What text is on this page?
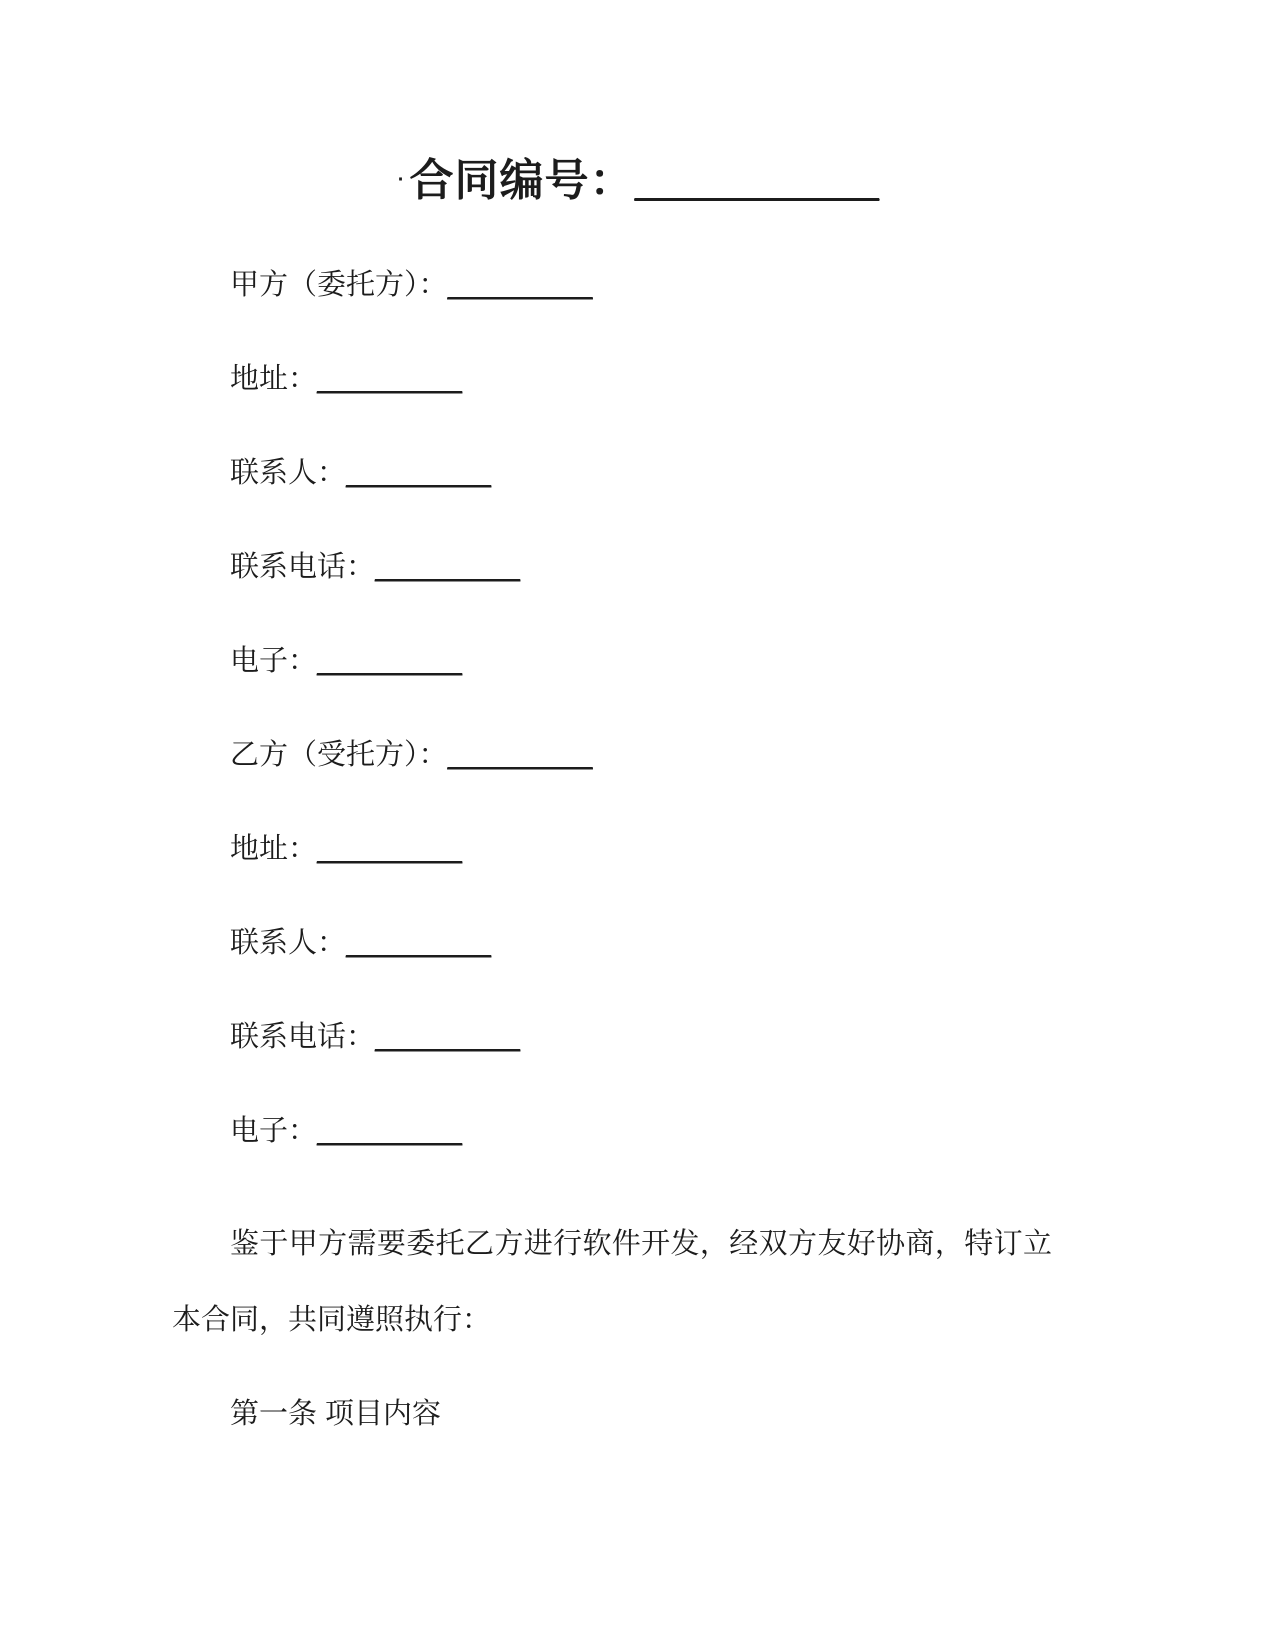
·合同编号：__________

甲方（委托方）：_________

地址：_________

联系人：_________

联系电话：_________

电子：_________

乙方（受托方）：_________

地址：_________

联系人：_________

联系电话：_________

电子：_________

鉴于甲方需要委托乙方进行软件开发，经双方友好协商，特订立本合同，共同遵照执行：

第一条 项目内容
